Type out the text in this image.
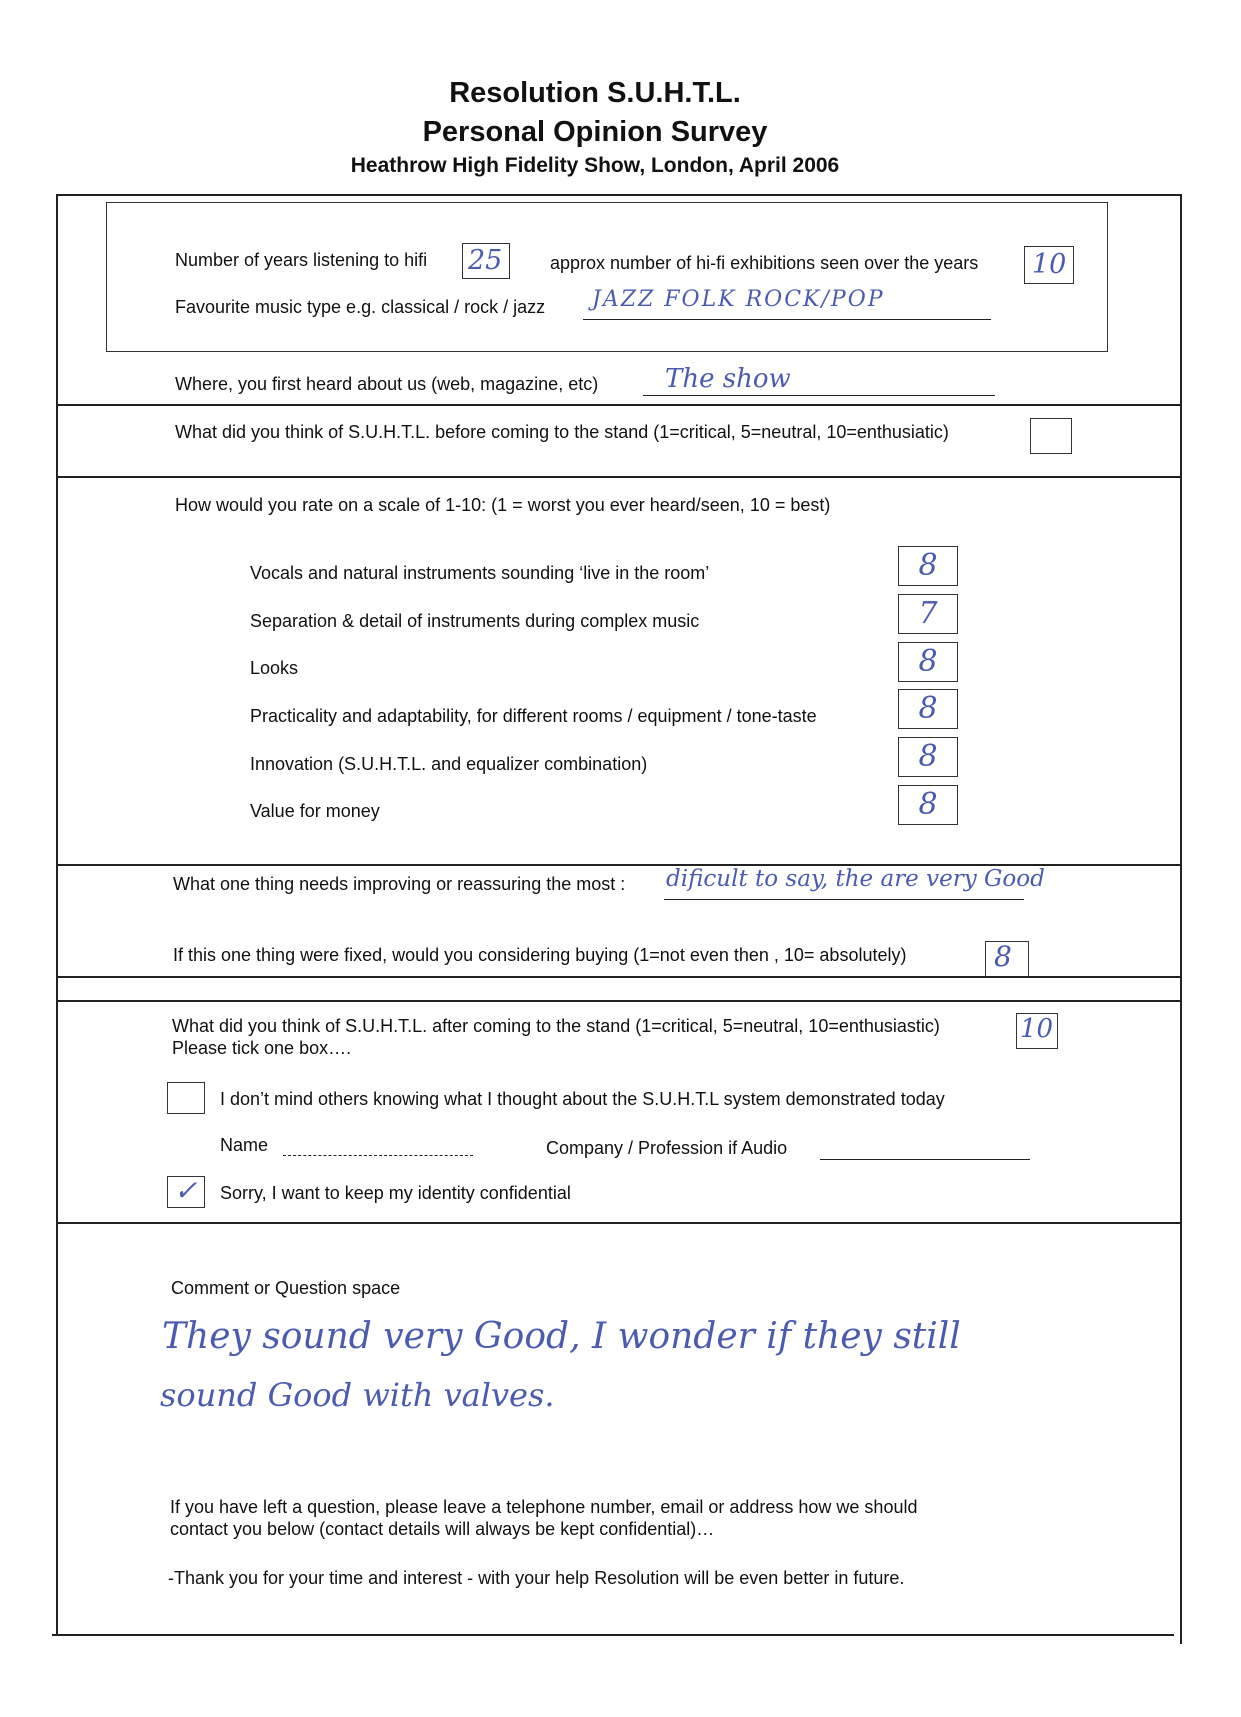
Resolution S.U.H.T.L.
Personal Opinion Survey
Heathrow High Fidelity Show, London, April 2006
Number of years listening to hifi 25	approx number of hi-fi exhibitions seen over the years 10
Favourite music type e.g. classical / rock / jazz JAZZ FOLK ROCK/POP
Where, you first heard about us (web, magazine, etc)	The show
What did you think of S.U.H.T.L. before coming to the stand (1=critical, 5=neutral, 10=enthusiatic)
How would you rate on a scale of 1-10: (1 = worst you ever heard/seen, 10 = best)
Vocals and natural instruments sounding ‘live in the room’	8
Separation & detail of instruments during complex music	7
Looks	8
Practicality and adaptability, for different rooms / equipment / tone-taste	8
Innovation (S.U.H.T.L. and equalizer combination)	8
Value for money	8
What one thing needs improving or reassuring the most : dificult to say, the are very Good
If this one thing were fixed, would you considering buying (1=not even then , 10= absolutely)	8
What did you think of S.U.H.T.L. after coming to the stand (1=critical, 5=neutral, 10=enthusiastic)	10
Please tick one box….
I don’t mind others knowing what I thought about the S.U.H.T.L system demonstrated today
Name	Company / Profession if Audio
✓ Sorry, I want to keep my identity confidential
Comment or Question space
They sound very Good, I wonder if they still
sound Good with valves.
If you have left a question, please leave a telephone number, email or address how we should
contact you below (contact details will always be kept confidential)…
-Thank you for your time and interest - with your help Resolution will be even better in future.
